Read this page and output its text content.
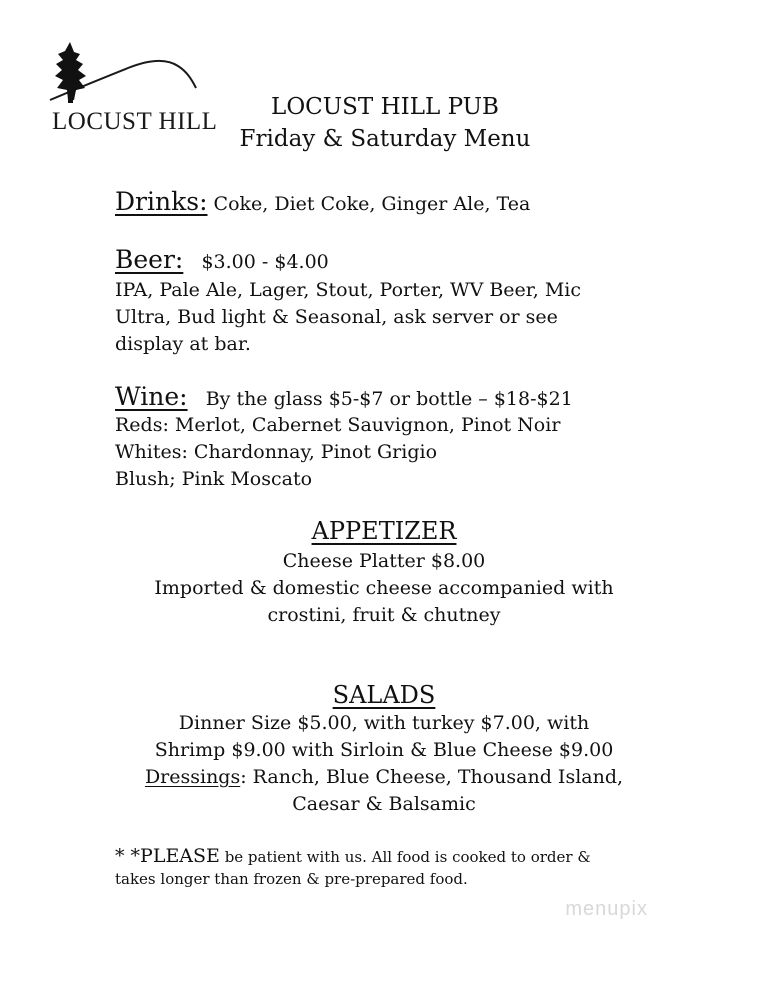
LOCUST HILL
LOCUST HILL PUB
Friday & Saturday Menu
Drinks: Coke, Diet Coke, Ginger Ale, Tea
Beer: $3.00 - $4.00
IPA, Pale Ale, Lager, Stout, Porter, WV Beer, Mic
Ultra, Bud light & Seasonal, ask server or see
display at bar.
Wine: By the glass $5-$7 or bottle – $18-$21
Reds: Merlot, Cabernet Sauvignon, Pinot Noir
Whites: Chardonnay, Pinot Grigio
Blush; Pink Moscato
APPETIZER
Cheese Platter $8.00
Imported & domestic cheese accompanied with
crostini, fruit & chutney
SALADS
Dinner Size $5.00, with turkey $7.00, with
Shrimp $9.00 with Sirloin & Blue Cheese $9.00
Dressings: Ranch, Blue Cheese, Thousand Island,
Caesar & Balsamic
* *PLEASE be patient with us. All food is cooked to order &
takes longer than frozen & pre-prepared food.
menupix
